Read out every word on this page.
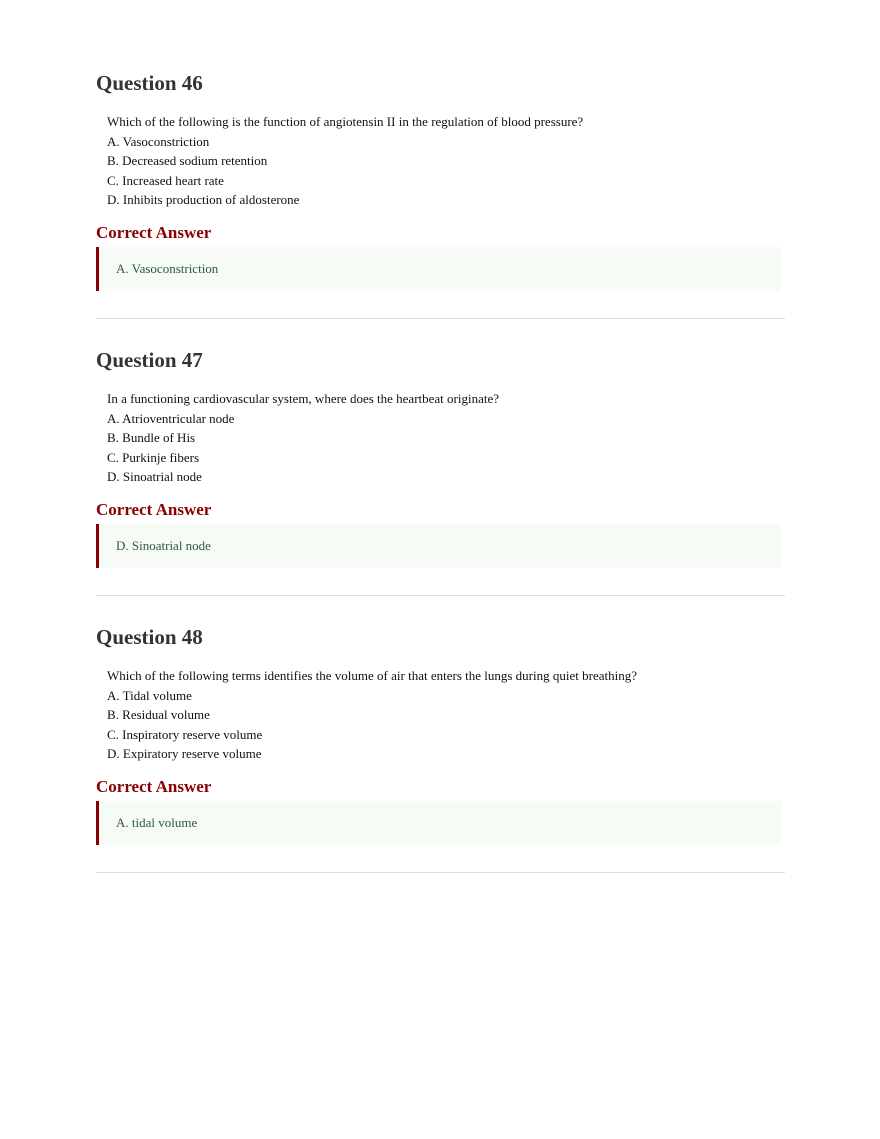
Question 46

Which of the following is the function of angiotensin II in the regulation of blood pressure?

A. Vasoconstriction
B. Decreased sodium retention
C. Increased heart rate
D. Inhibits production of aldosterone
Correct Answer
A. Vasoconstriction
Question 47

In a functioning cardiovascular system, where does the heartbeat originate?

A. Atrioventricular node
B. Bundle of His
C. Purkinje fibers
D. Sinoatrial node
Correct Answer
D. Sinoatrial node
Question 48

Which of the following terms identifies the volume of air that enters the lungs during quiet breathing?

A. Tidal volume
B. Residual volume
C. Inspiratory reserve volume
D. Expiratory reserve volume
Correct Answer
A. tidal volume
